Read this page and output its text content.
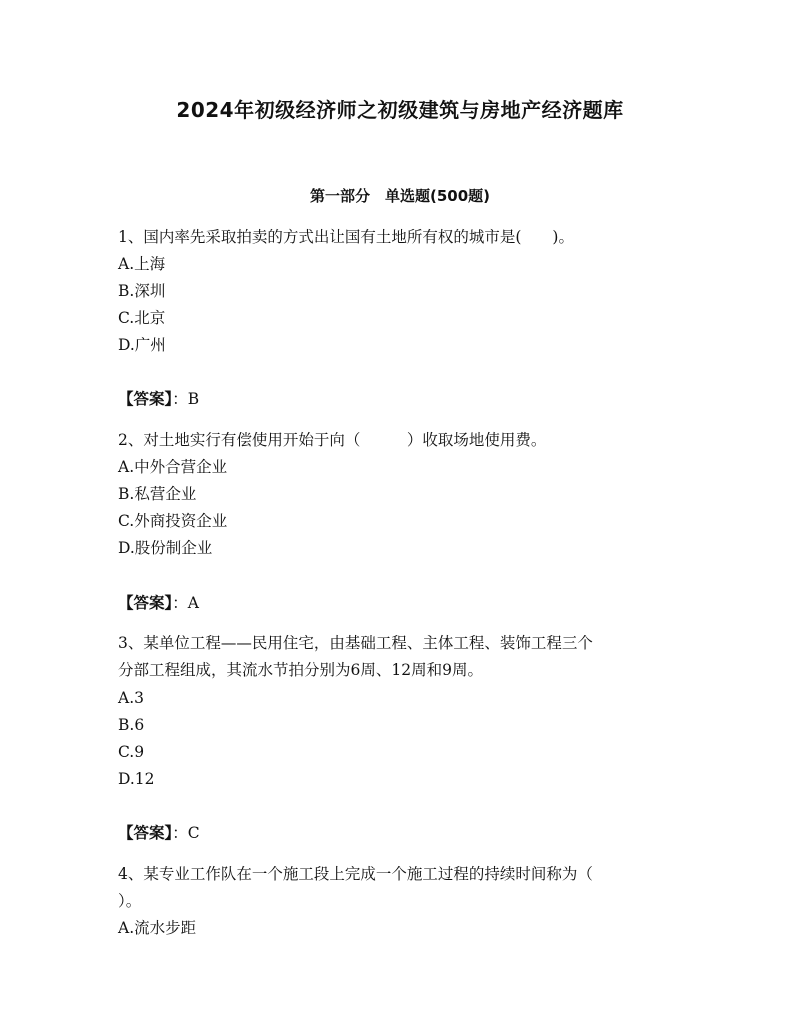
2024年初级经济师之初级建筑与房地产经济题库
第一部分　单选题(500题)
1、国内率先采取拍卖的方式出让国有土地所有权的城市是(　　)。
A.上海
B.深圳
C.北京
D.广州
【答案】：B
2、对土地实行有偿使用开始于向（　　　）收取场地使用费。
A.中外合营企业
B.私营企业
C.外商投资企业
D.股份制企业
【答案】：A
3、某单位工程——民用住宅，由基础工程、主体工程、装饰工程三个
分部工程组成，其流水节拍分别为6周、12周和9周。
A.3
B.6
C.9
D.12
【答案】：C
4、某专业工作队在一个施工段上完成一个施工过程的持续时间称为（
）。
A.流水步距
